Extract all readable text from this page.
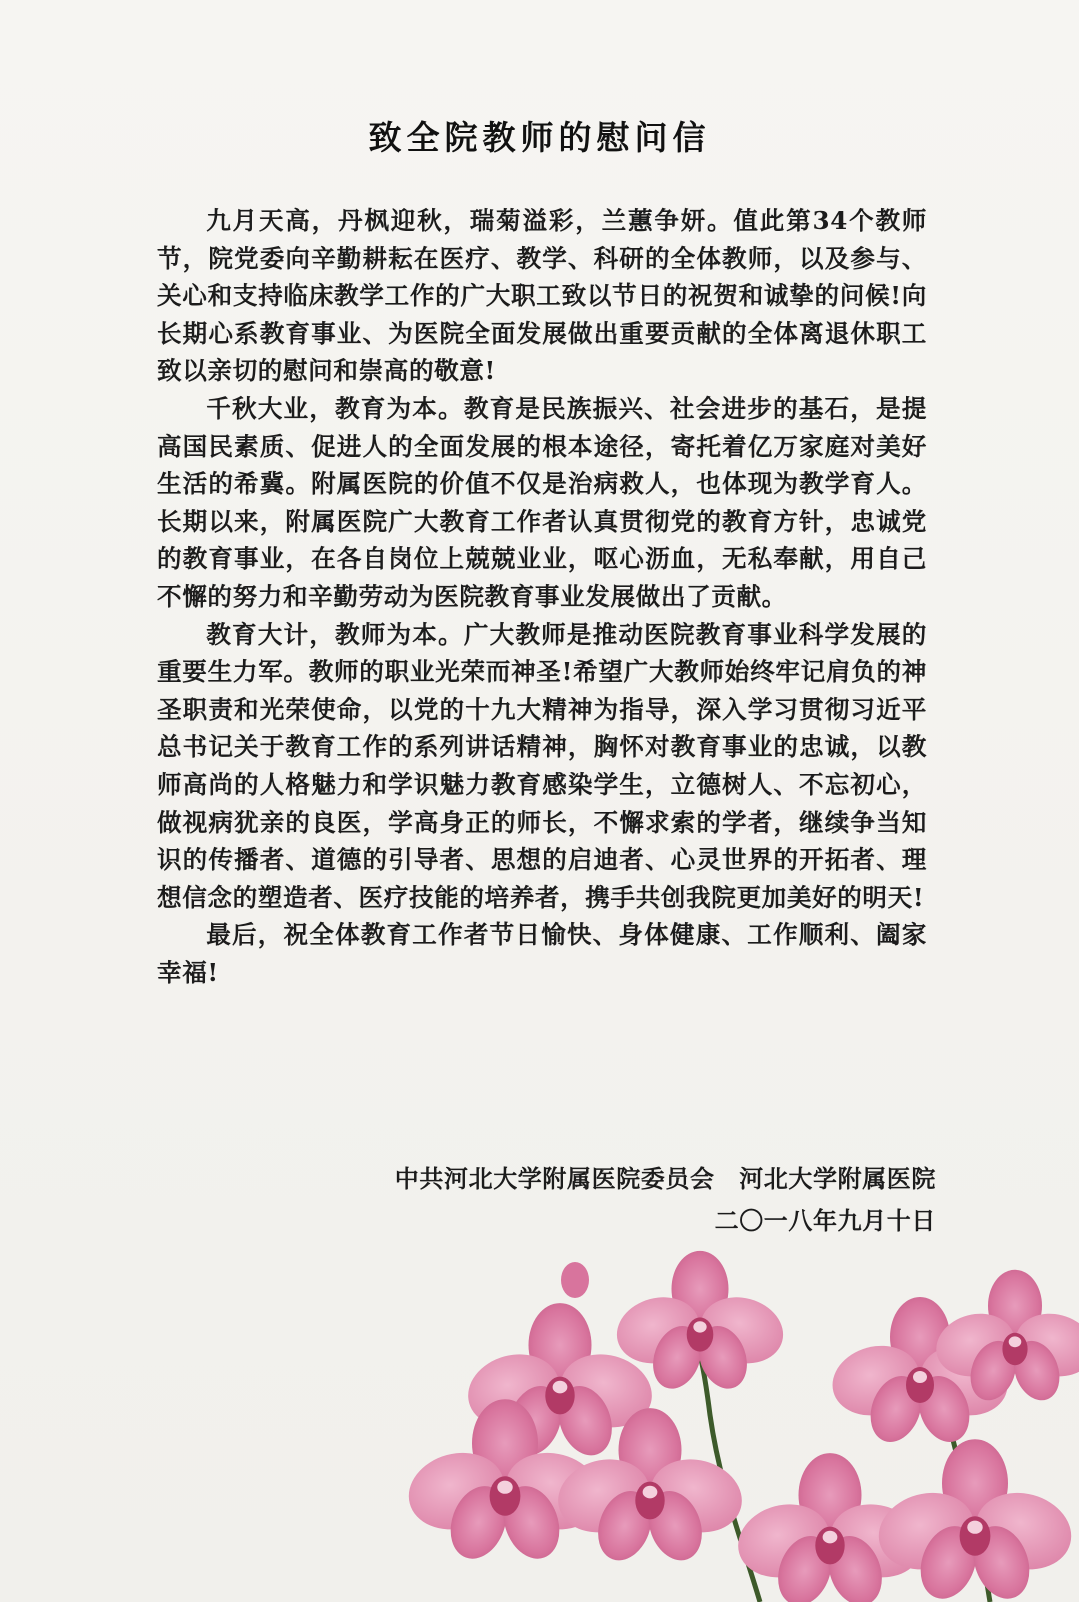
致全院教师的慰问信

九月天高，丹枫迎秋，瑞菊溢彩，兰蕙争妍。值此第34个教师节，院党委向辛勤耕耘在医疗、教学、科研的全体教师，以及参与、关心和支持临床教学工作的广大职工致以节日的祝贺和诚挚的问候!向长期心系教育事业、为医院全面发展做出重要贡献的全体离退休职工致以亲切的慰问和崇高的敬意!

千秋大业，教育为本。教育是民族振兴、社会进步的基石，是提高国民素质、促进人的全面发展的根本途径，寄托着亿万家庭对美好生活的希冀。附属医院的价值不仅是治病救人，也体现为教学育人。长期以来，附属医院广大教育工作者认真贯彻党的教育方针，忠诚党的教育事业，在各自岗位上兢兢业业，呕心沥血，无私奉献，用自己不懈的努力和辛勤劳动为医院教育事业发展做出了贡献。

教育大计，教师为本。广大教师是推动医院教育事业科学发展的重要生力军。教师的职业光荣而神圣!希望广大教师始终牢记肩负的神圣职责和光荣使命，以党的十九大精神为指导，深入学习贯彻习近平总书记关于教育工作的系列讲话精神，胸怀对教育事业的忠诚，以教师高尚的人格魅力和学识魅力教育感染学生，立德树人、不忘初心，做视病犹亲的良医，学高身正的师长，不懈求索的学者，继续争当知识的传播者、道德的引导者、思想的启迪者、心灵世界的开拓者、理想信念的塑造者、医疗技能的培养者，携手共创我院更加美好的明天!

最后，祝全体教育工作者节日愉快、身体健康、工作顺利、阖家幸福!

中共河北大学附属医院委员会　河北大学附属医院
二〇一八年九月十日
